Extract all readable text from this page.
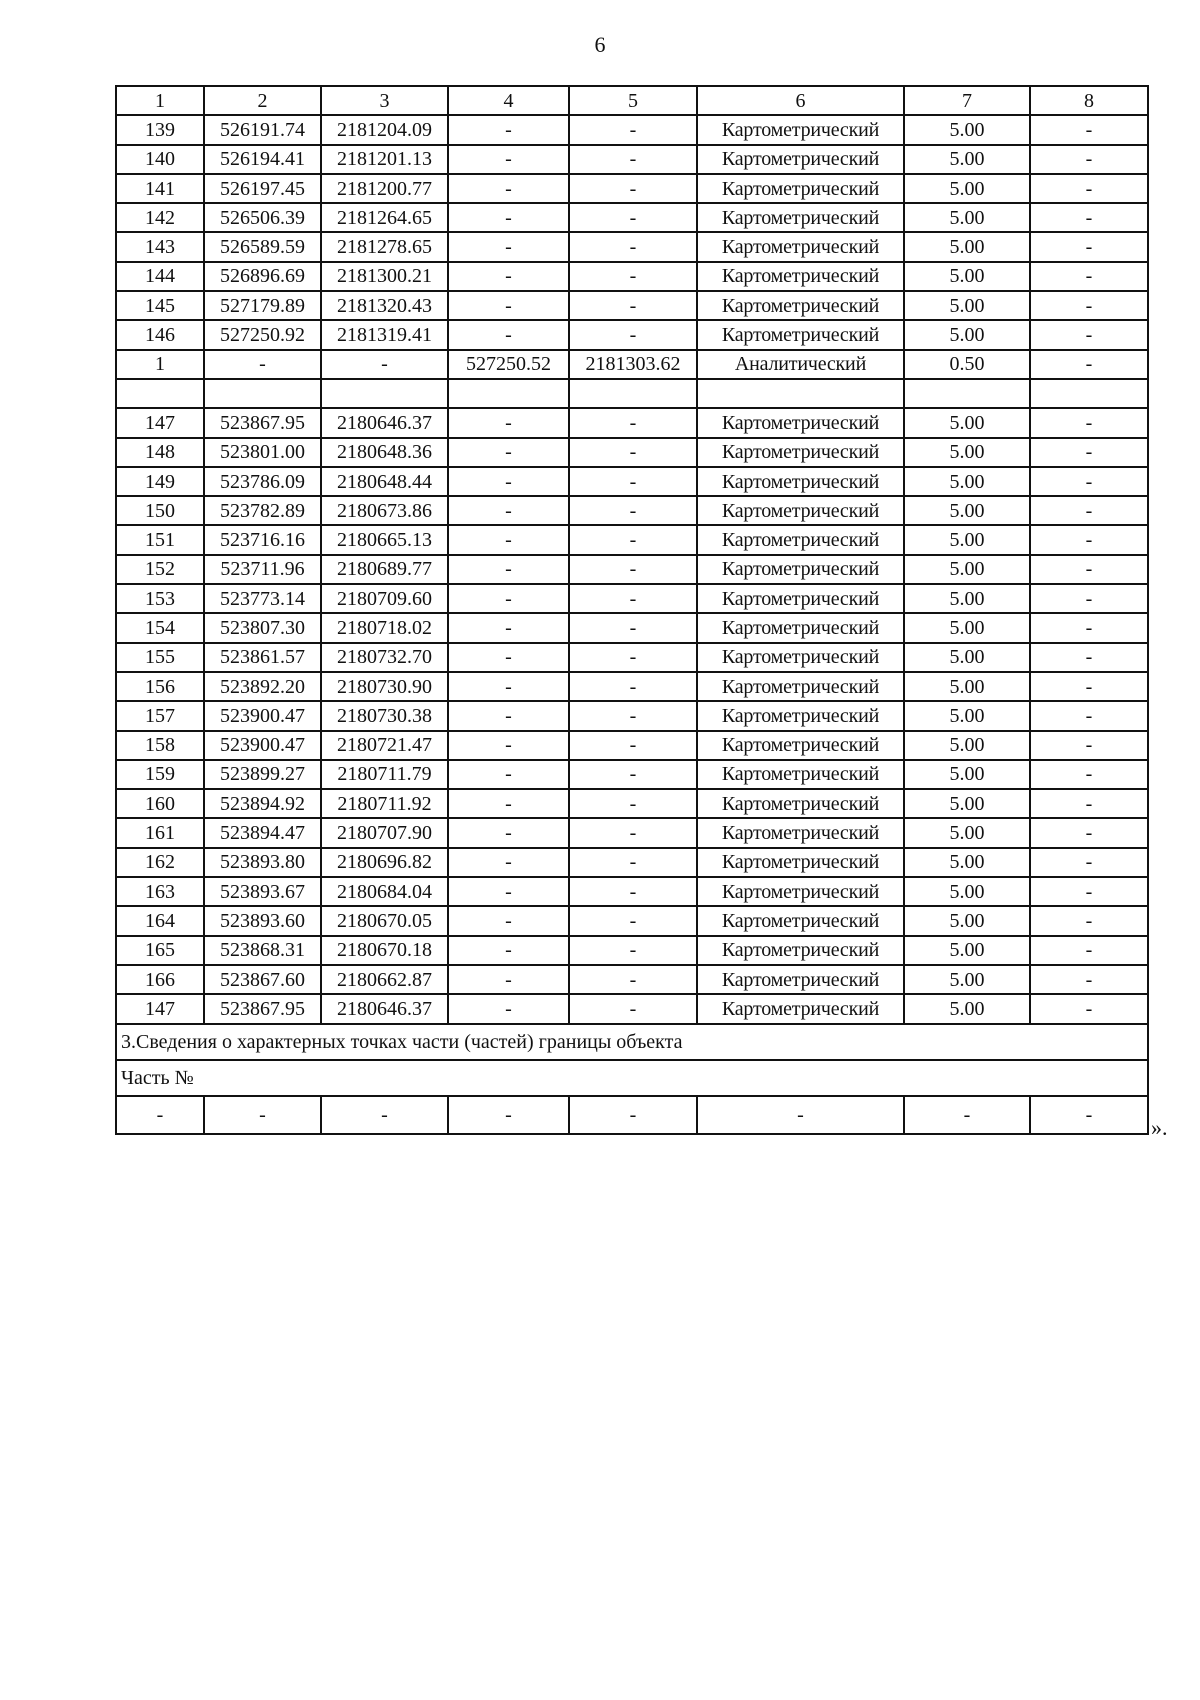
6
1	2	3	4	5	6	7	8
139	526191.74	2181204.09	-	-	Картометрический	5.00	-
140	526194.41	2181201.13	-	-	Картометрический	5.00	-
141	526197.45	2181200.77	-	-	Картометрический	5.00	-
142	526506.39	2181264.65	-	-	Картометрический	5.00	-
143	526589.59	2181278.65	-	-	Картометрический	5.00	-
144	526896.69	2181300.21	-	-	Картометрический	5.00	-
145	527179.89	2181320.43	-	-	Картометрический	5.00	-
146	527250.92	2181319.41	-	-	Картометрический	5.00	-
1	-	-	527250.52	2181303.62	Аналитический	0.50	-

147	523867.95	2180646.37	-	-	Картометрический	5.00	-
148	523801.00	2180648.36	-	-	Картометрический	5.00	-
149	523786.09	2180648.44	-	-	Картометрический	5.00	-
150	523782.89	2180673.86	-	-	Картометрический	5.00	-
151	523716.16	2180665.13	-	-	Картометрический	5.00	-
152	523711.96	2180689.77	-	-	Картометрический	5.00	-
153	523773.14	2180709.60	-	-	Картометрический	5.00	-
154	523807.30	2180718.02	-	-	Картометрический	5.00	-
155	523861.57	2180732.70	-	-	Картометрический	5.00	-
156	523892.20	2180730.90	-	-	Картометрический	5.00	-
157	523900.47	2180730.38	-	-	Картометрический	5.00	-
158	523900.47	2180721.47	-	-	Картометрический	5.00	-
159	523899.27	2180711.79	-	-	Картометрический	5.00	-
160	523894.92	2180711.92	-	-	Картометрический	5.00	-
161	523894.47	2180707.90	-	-	Картометрический	5.00	-
162	523893.80	2180696.82	-	-	Картометрический	5.00	-
163	523893.67	2180684.04	-	-	Картометрический	5.00	-
164	523893.60	2180670.05	-	-	Картометрический	5.00	-
165	523868.31	2180670.18	-	-	Картометрический	5.00	-
166	523867.60	2180662.87	-	-	Картометрический	5.00	-
147	523867.95	2180646.37	-	-	Картометрический	5.00	-
3.Сведения о характерных точках части (частей) границы объекта							
Часть №							
-	-	-	-	-	-	-	-
».
